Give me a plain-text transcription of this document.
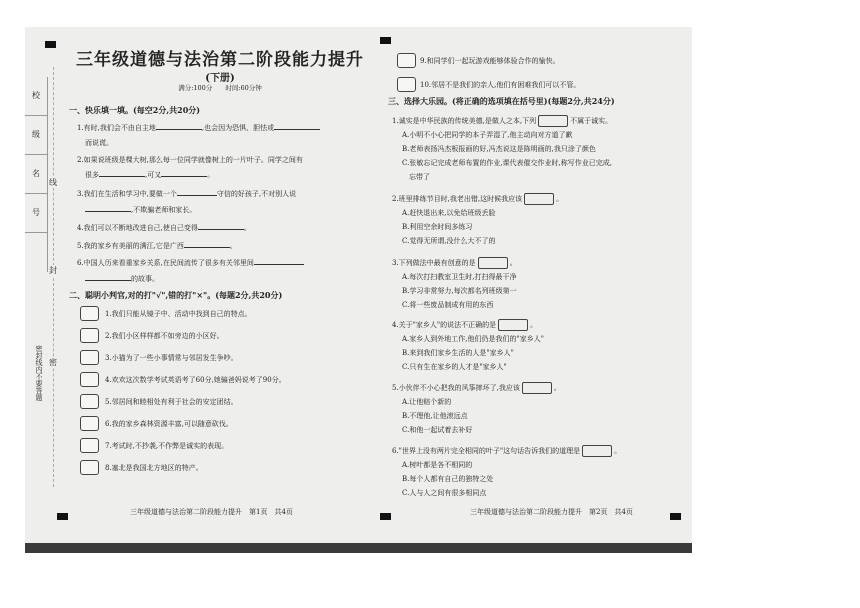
校
级
名
号
密封线内不要答题
线
封
密
三年级道德与法治第二阶段能力提升
(下册)
满分:100分　　时间:60分钟
一、快乐填一填。(每空2分,共20分)
1.有时,我们会不由自主地	,也会因为恐惧、胆怯或
而说谎。
2.如果说班级是棵大树,那么每一位同学就像树上的一片叶子。同学之间有
很多	,可又	。
3.我们在生活和学习中,要做一个	守信的好孩子,不对别人说
,不欺骗老师和家长。
4.我们可以不断地改进自己,使自己变得	。
5.我的家乡有美丽的满江,它是广西	。
6.中国人历来看重家乡关系,在民间流传了很多有关邻里间
的故事。
二、聪明小判官,对的打"√",错的打"×"。(每题2分,共20分)
1.我们只能从镜子中、活动中找到自己的特点。
2.我们小区样样都不如旁边的小区好。
3.小猫为了一些小事情常与邻居发生争吵。
4.欢欢这次数学考试英语考了60分,她骗爸妈说考了90分。
5.邻居间和睦相处有利于社会的安定团结。
6.我的家乡森林资源丰富,可以随意砍伐。
7.考试时,不抄袭,不作弊是诚实的表现。
8.塞北是我国北方地区的特产。
三年级道德与法治第二阶段能力提升　第1页　共4页
9.和同学们一起玩游戏能够体验合作的愉快。
10.邻居不是我们的亲人,他们有困难我们可以不管。
三、选择大乐园。(将正确的选项填在括号里)(每题2分,共24分)
1.诚实是中华民族的传统美德,是做人之本,下列	不属于诚实。
A.小明不小心把同学的本子弄湿了,他主动向对方道了歉
B.老师表扬冯杰板报画的好,冯杰说这是陈明画的,我只涂了颜色
C.张敏忘记完成老师布置的作业,课代表催交作业时,称写作业已完成,
　忘带了
2.班里排练节目时,我老出错,这时候我应该	。
A.赶快退出来,以免给班级丢脸
B.利用空余时间多练习
C.觉得无所谓,没什么大不了的
3.下列做法中最有创意的是	。
A.每次打扫教室卫生时,打扫得最干净
B.学习非常努力,每次都名列班级第一
C.将一些废品制成有用的东西
4.关于"家乡人"的说法不正确的是	。
A.家乡人到外地工作,他们仍是我们的"家乡人"
B.来到我们家乡生活的人是"家乡人"
C.只有生在家乡的人才是"家乡人"
5.小伙伴不小心把我的风筝摔坏了,我应该	。
A.让他赔个新的
B.不理他,让他滚远点
C.和他一起试着去补好
6."世界上没有两片完全相同的叶子"这句话告诉我们的道理是	。
A.树叶都是各不相同的
B.每个人都有自己的独特之处
C.人与人之间有很多相同点
三年级道德与法治第二阶段能力提升　第2页　共4页
